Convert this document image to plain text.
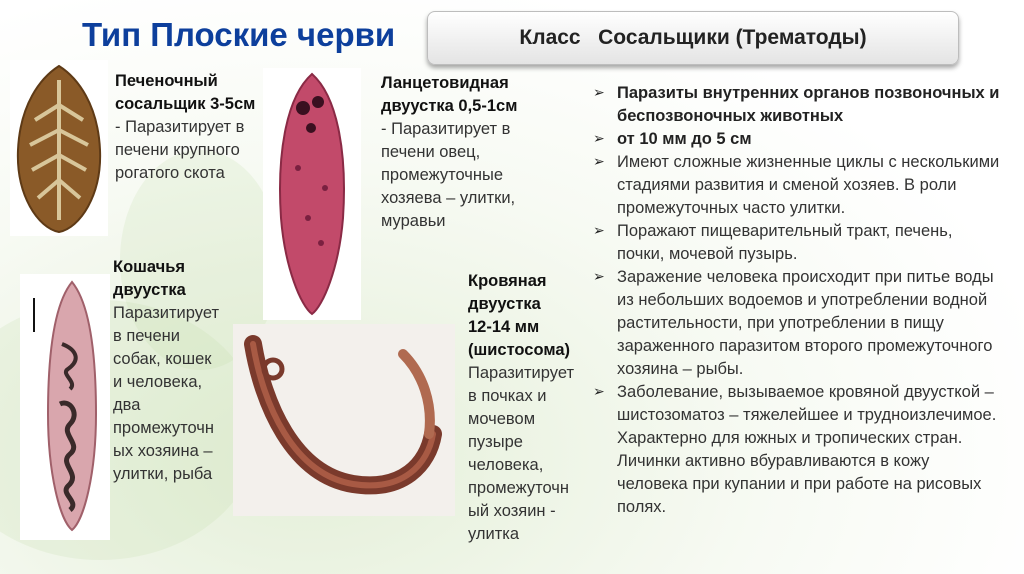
Тип Плоские черви	Класс   Сосальщики (Трематоды)
Печеночный
сосальщик 3-5см
- Паразитирует в
печени крупного
рогатого скота
Ланцетовидная
двуустка 0,5-1см
- Паразитирует в
печени овец,
промежуточные
хозяева – улитки,
муравьи
Кошачья
двуустка
Паразитирует
в печени
собак, кошек
и человека,
два
промежуточн
ых хозяина –
улитки, рыба
Кровяная
двуустка
12-14 мм
(шистосома)
Паразитирует
в почках и
мочевом
пузыре
человека,
промежуточн
ый хозяин -
улитка
➢ Паразиты внутренних органов позвоночных и беспозвоночных животных
➢ от 10 мм до 5 см
➢ Имеют сложные жизненные циклы с несколькими стадиями развития и сменой хозяев. В роли промежуточных часто улитки.
➢ Поражают пищеварительный тракт, печень, почки, мочевой пузырь.
➢ Заражение человека происходит при питье воды из небольших водоемов и употреблении водной растительности, при употреблении в пищу зараженного паразитом второго промежуточного хозяина – рыбы.
➢ Заболевание, вызываемое кровяной двуусткой – шистозоматоз – тяжелейшее и трудноизлечимое. Характерно для южных и тропических стран. Личинки активно вбуравливаются в кожу человека при купании и при работе на рисовых полях.
